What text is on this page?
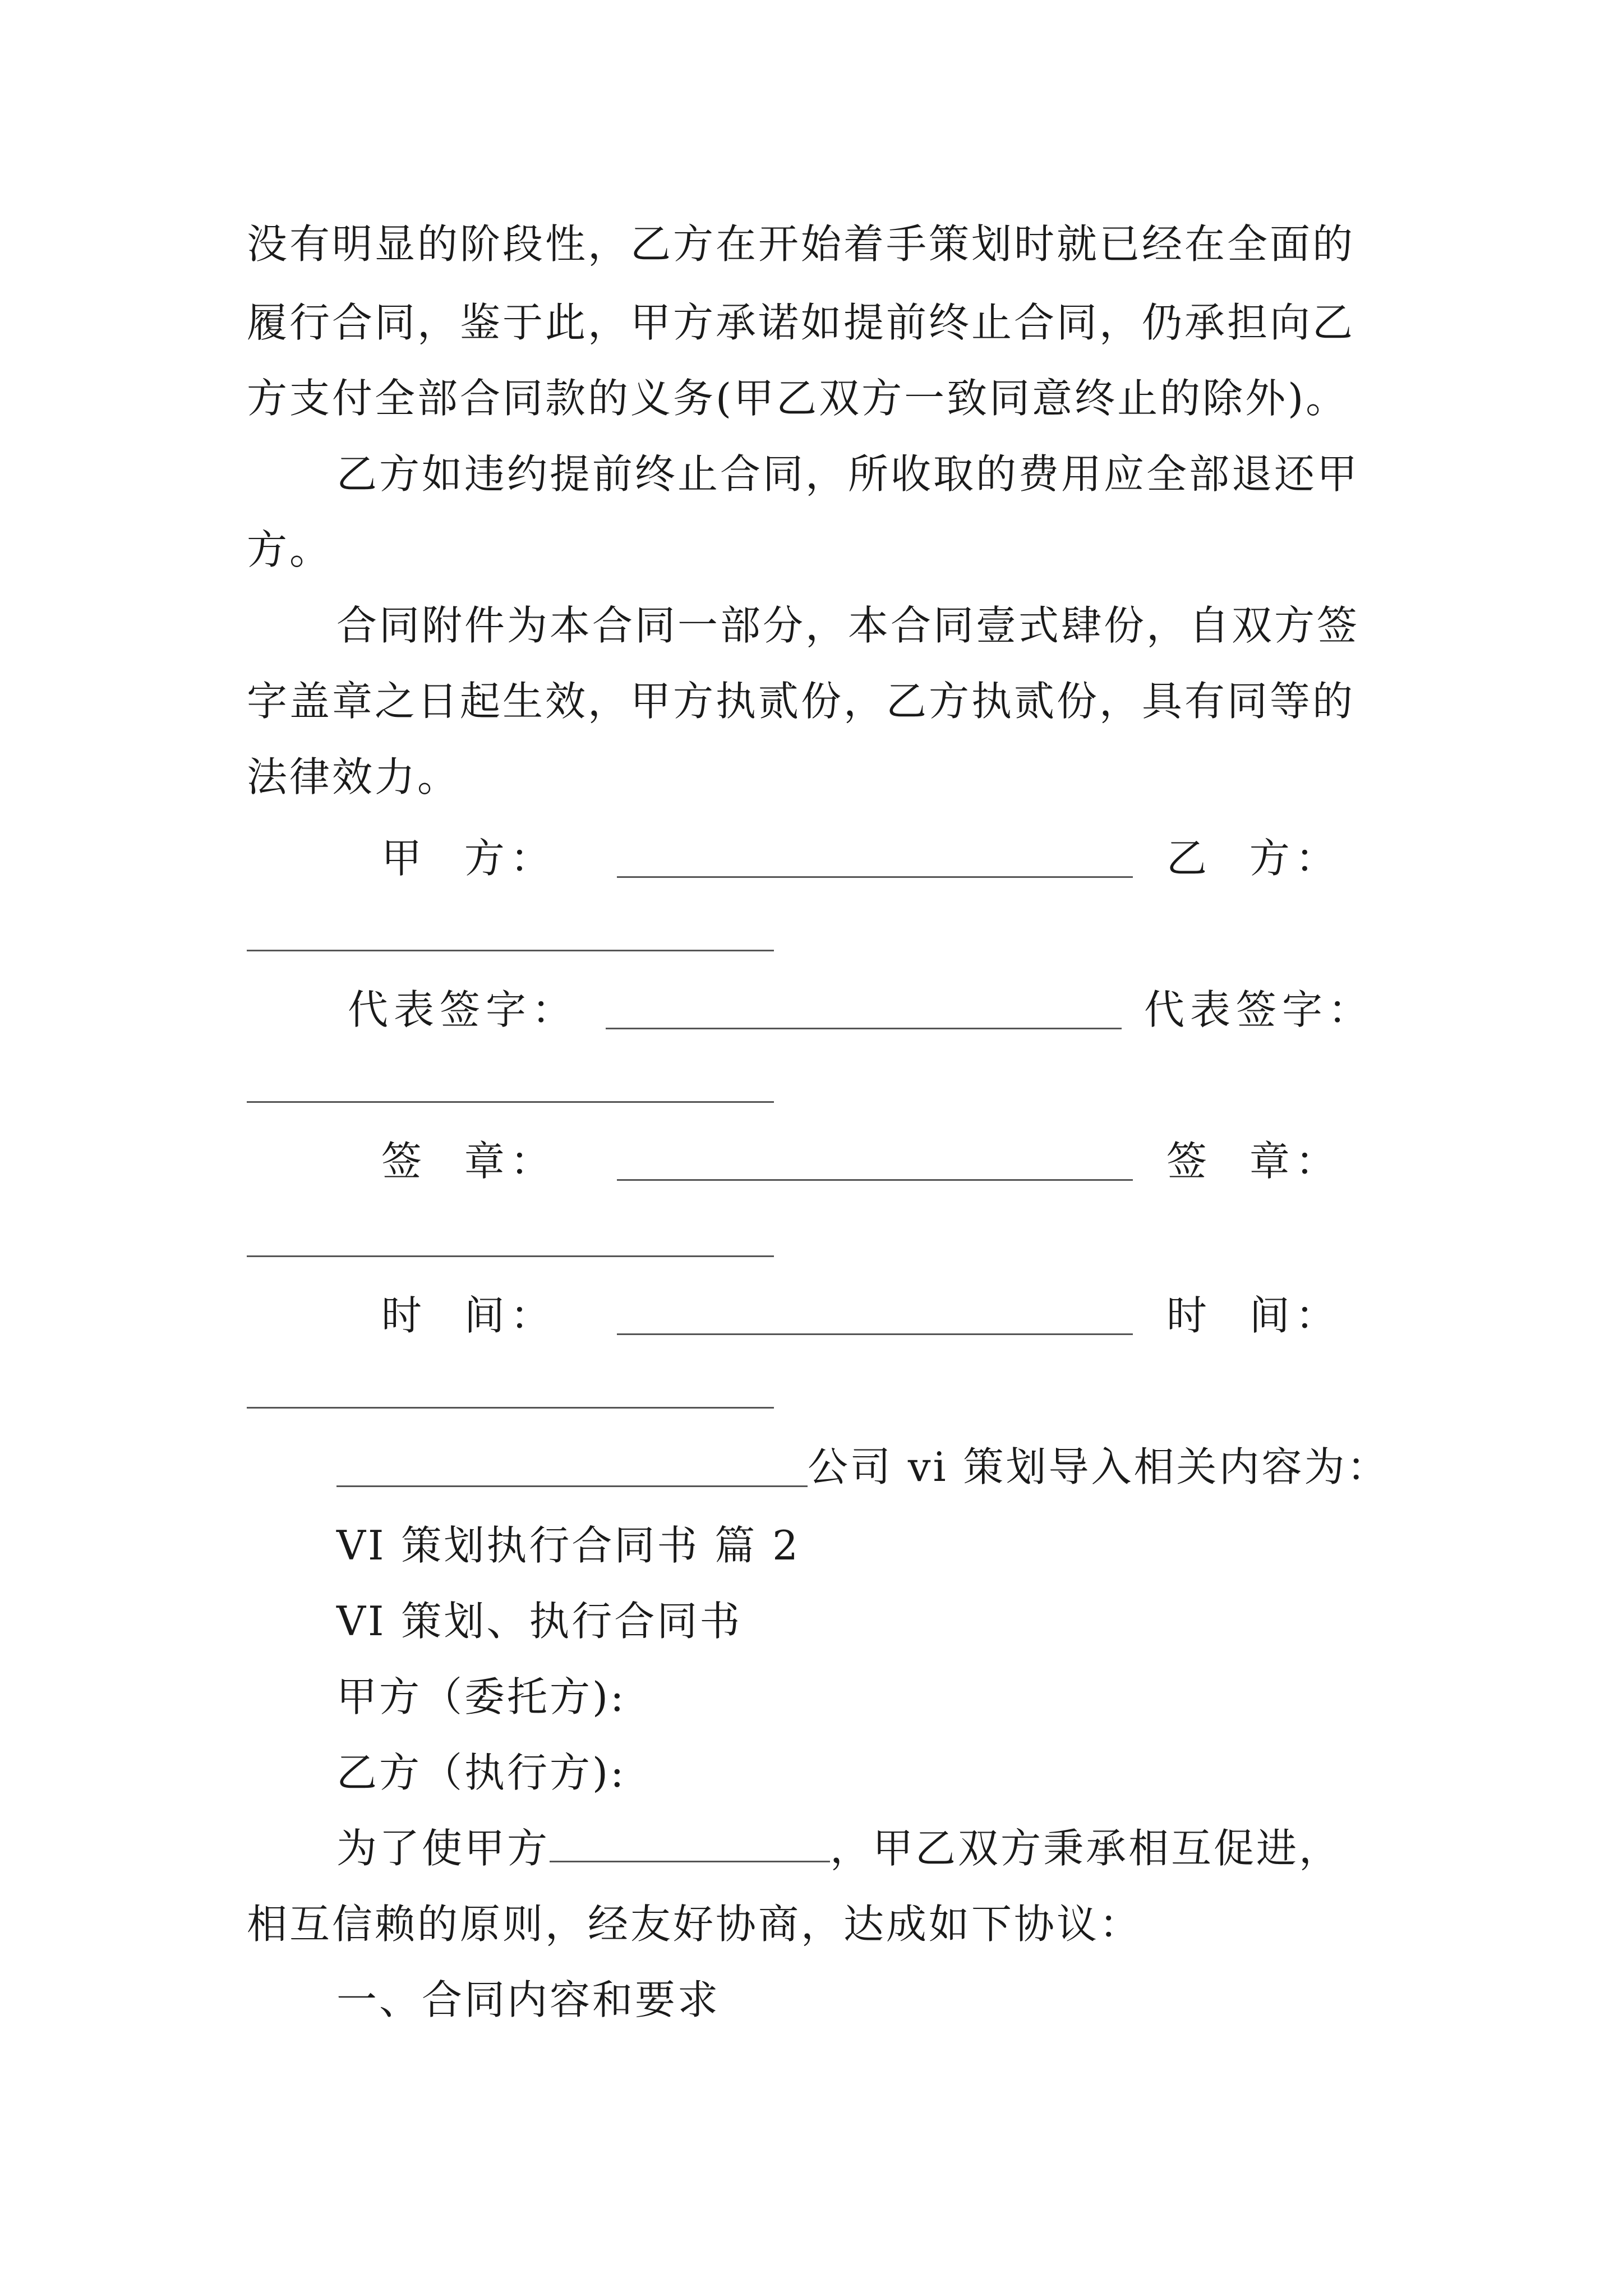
没有明显的阶段性，乙方在开始着手策划时就已经在全面的
履行合同，鉴于此，甲方承诺如提前终止合同，仍承担向乙
方支付全部合同款的义务(甲乙双方一致同意终止的除外)。
乙方如违约提前终止合同，所收取的费用应全部退还甲
方。
合同附件为本合同一部分，本合同壹式肆份，自双方签
字盖章之日起生效，甲方执贰份，乙方执贰份，具有同等的
法律效力。
甲  方：	乙  方：
代表签字：	代表签字：
签  章：	签  章：
时  间：	时  间：
公司 vi 策划导入相关内容为：
VI 策划执行合同书 篇 2
VI 策划、执行合同书
甲方（委托方):
乙方（执行方):
为了使甲方	，甲乙双方秉承相互促进，
相互信赖的原则，经友好协商，达成如下协议：
一、合同内容和要求
